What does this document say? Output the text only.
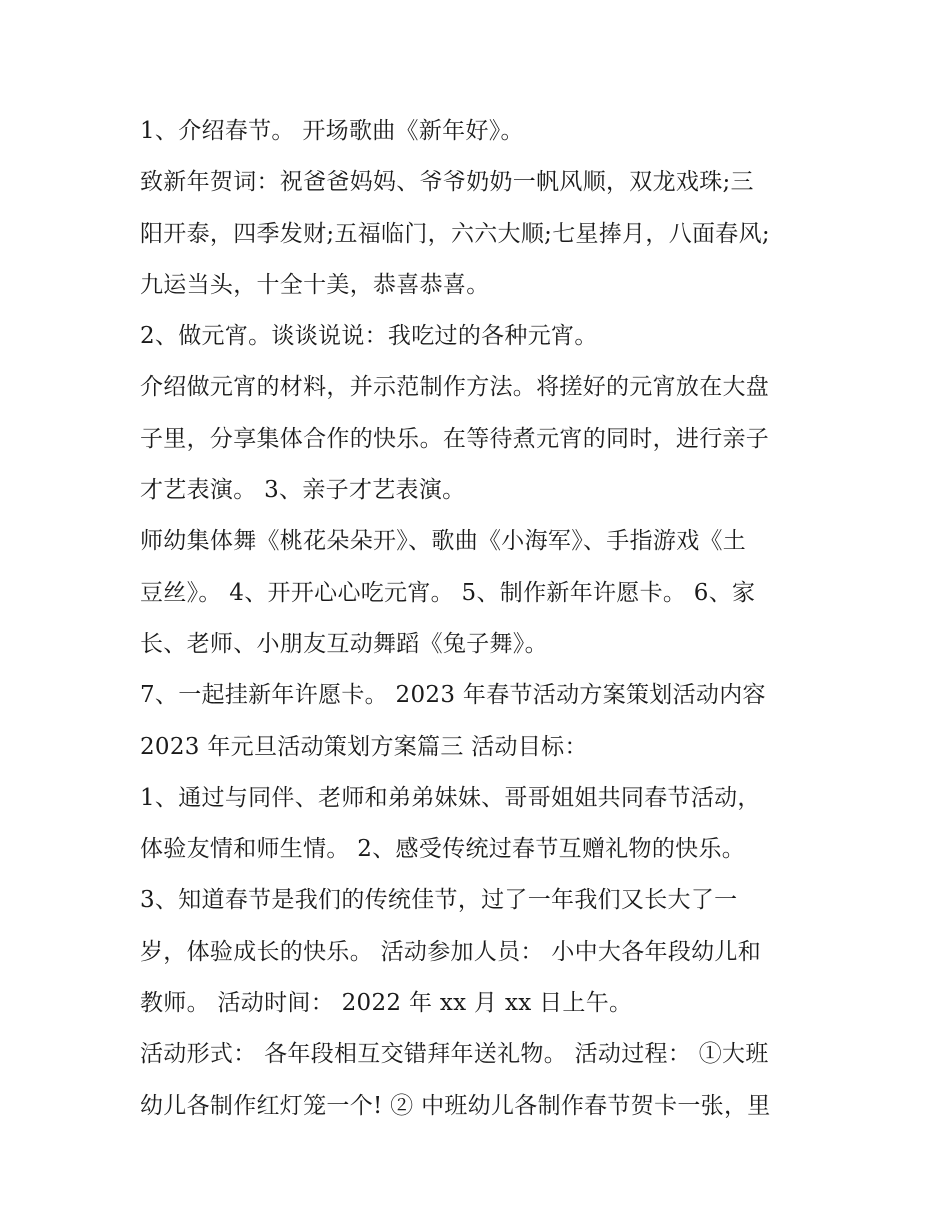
1、介绍春节。 开场歌曲《新年好》。
致新年贺词：祝爸爸妈妈、爷爷奶奶一帆风顺，双龙戏珠;三
阳开泰，四季发财;五福临门，六六大顺;七星捧月，八面春风;
九运当头，十全十美，恭喜恭喜。
2、做元宵。谈谈说说：我吃过的各种元宵。
介绍做元宵的材料，并示范制作方法。将搓好的元宵放在大盘
子里，分享集体合作的快乐。在等待煮元宵的同时，进行亲子
才艺表演。 3、亲子才艺表演。
师幼集体舞《桃花朵朵开》、歌曲《小海军》、手指游戏《土
豆丝》。 4、开开心心吃元宵。 5、制作新年许愿卡。 6、家
长、老师、小朋友互动舞蹈《兔子舞》。
7、一起挂新年许愿卡。 2023 年春节活动方案策划活动内容
2023 年元旦活动策划方案篇三 活动目标：
1、通过与同伴、老师和弟弟妹妹、哥哥姐姐共同春节活动，
体验友情和师生情。 2、感受传统过春节互赠礼物的快乐。
3、知道春节是我们的传统佳节，过了一年我们又长大了一
岁，体验成长的快乐。 活动参加人员： 小中大各年段幼儿和
教师。 活动时间： 2022 年 xx 月 xx 日上午。
活动形式： 各年段相互交错拜年送礼物。 活动过程： ①大班
幼儿各制作红灯笼一个! ② 中班幼儿各制作春节贺卡一张，里
